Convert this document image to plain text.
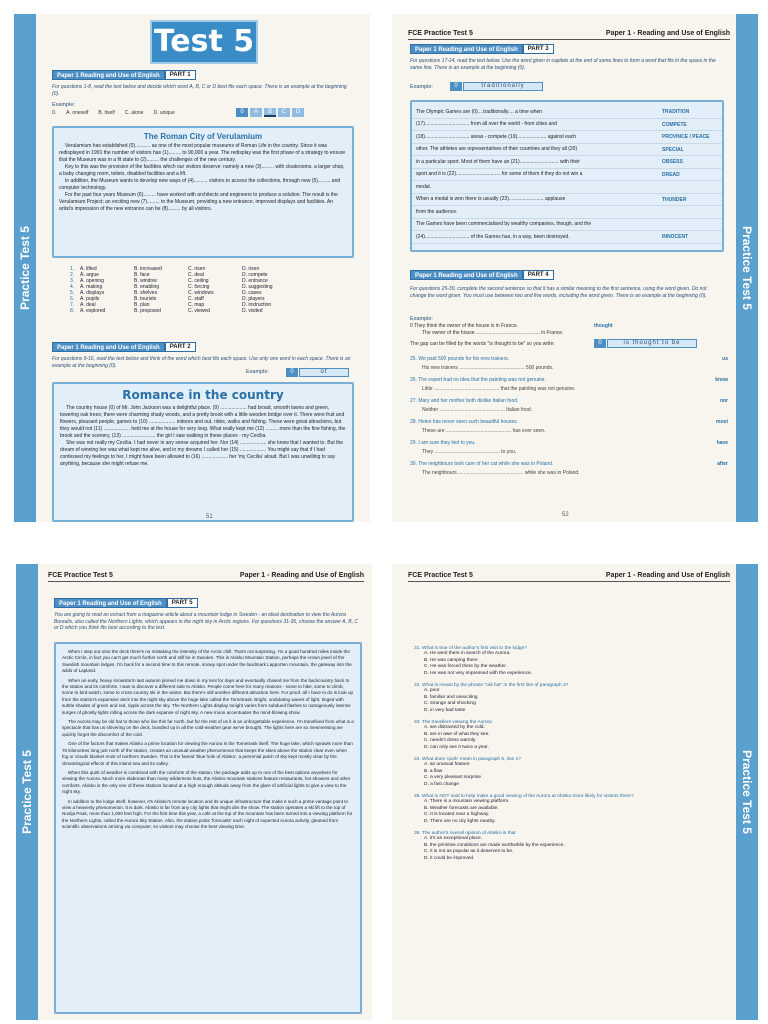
Practice Test 5
Test 5
Paper 1 Reading and Use of English	PART 1
For questions 1-8, read the text below and decide which word A, B, C or D best fits each space. There is an example at the beginning (0).
Example:
0. A. oneself B. itself C. alone D. unique	0	A	B	C	D
The Roman City of Verulamium
Verulamium has established (0)........... as one of the most popular museums of Roman Life in the country. Since it was redisplayed in 1991 the number of visitors has (1)......... to 90,000 a year. The redisplay was the first phase of a strategy to ensure that the Museum was in a fit state to (2)......... the challenges of the new century.
Key to this was the provision of the facilities which our visitors deserve; namely a new (3)......... with cloakrooms, a larger shop, a baby changing room, toilets, disabled facilities and a lift.
In addition, the Museum wants to develop new ways of (4).......... visitors to access the collections, through new (5)......... and computer technology.
For the past four years Museum (6)......... have worked with architects and engineers to produce a solution. The result is the Verulamium Project; an exciting new (7)......... to the Museum, providing a new entrance, improved displays and facilities. An artist's impression of the new entrance can be (8)......... by all visitors.
1.	A. lifted	B. increased	C. risen	D. risen
2.	A. argue	B. face	C. deal	D. compete
3.	A. opening	B. window	C. ceiling	D. entrance
4.	A. making	B. enabling	C. forcing	D. suggesting
5.	A. displays	B. shelves	C. windows	D. cases
6.	A. pupils	B. tourists	C. staff	D. players
7.	A. deal	B. plan	C. map	D. instruction
8.	A. explored	B. proposed	C. viewed	D. visited
Paper 1 Reading and Use of English	PART 2
For questions 9-16, read the text below and think of the word which best fits each space. Use only one word in each space. There is an example at the beginning (0).
Example:	0	of
Romance in the country
The country house (0) of Mr. John Jackson was a delightful place. (9) ................... had broad, smooth lawns and green, towering oak trees; there were charming shady woods, and a pretty brook with a little wooden bridge over it. There were fruit and flowers, pleasant people, games to (10) ................... indoors and out, rides, walks and fishing. These were great attractions, but they would not (11) ................... held me at the house for very long. What really kept me (12) ......... more than the fine fishing, the brook and the scenery, (13) ........................ the girl I saw walking in these places - my Cecilia.
She was not really my Cecilia. I had never in any sense acquired her. Nor (14) ................... she know that I wanted to. But the dream of winning her was what kept me alive, and in my dreams I called her (15) ................... You might say that if I had confessed my feelings to her, I might have been allowed to (16) ................... her 'my Cecilia' aloud. But I was unwilling to say anything, because she might refuse me.
51
Practice Test 5
FCE Practice Test 5	Paper 1 - Reading and Use of English
Paper 1 Reading and Use of English	PART 3
For questions 17-24, read the text below. Use the word given in capitals at the end of some lines to form a word that fits in the space in the same line. There is an example at the beginning (0).
Example:	0	traditionally
The Olympic Games are (0)....traditionally.... a time when	TRADITION
(17)................................ from all over the world - from cities and	COMPETE
(18)................................ areas - compete (19)..................... against each	PROVINCE / PEACE
other. The athletes are representatives of their countries and they all (20)	SPECIAL
in a particular sport. Most of them have an (21)............................ with their	OBSESS
sport and it is (22)................................ for some of them if they do not win a	DREAD
medal.
When a medal is won there is usually (23)......................... applause	THUNDER
from the audience.
The Games have been commercialised by wealthy companies, though, and the
(24)................................ of the Games has, in a way, been destroyed.	INNOCENT
Paper 1 Reading and Use of English	PART 4
For questions 25-30, complete the second sentence so that it has a similar meaning to the first sentence, using the word given. Do not change the word given. You must use between two and five words, including the word given. There is an example at the beginning (0).
Example:
0 They think the owner of the house is in France.	thought
The owner of the house .............................................. in France.
The gap can be filled by the words "is thought to be" so you write:	0	is thought to be
25. We paid 500 pounds for his new trainers.	us
His new trainers ............................................... 500 pounds.
26. The expert had no idea that the painting was not genuine.	know
Little ............................................... that the painting was not genuine.
27. Mary and her mother both dislike Italian food.	nor
Neither ............................................... Italian food.
28. Helen has never seen such beautiful houses.	most
These are ............................................... has ever seen.
29. I am sure they lied to you.	have
They ............................................... to you.
30. The neighbours took care of her cat while she was in Poland.	after
The neighbours ............................................... while she was in Poland.
52
Practice Test 5
FCE Practice Test 5	Paper 1 - Reading and Use of English
Paper 1 Reading and Use of English	PART 5
You are going to read an extract from a magazine article about a mountain lodge in Sweden - an ideal destination to view the Aurora Borealis, also called the Northern Lights, which appears in the night sky in Arctic regions. For questions 31-36, choose the answer A, B, C or D which you think fits best according to the text.
When I step out onto the deck there's no mistaking the intensity of the Arctic chill. That's not surprising. I'm a good hundred miles inside the Arctic Circle, in fact you can't get much further north and still be in Sweden. This is Abisko Mountain Station, perhaps the crown jewel of the Swedish mountain lodges. I'm back for a second time to this remote, snowy spot under the landmark Lapporten mountain, the gateway into the wilds of Lapland.
When an early, heavy snowstorm last autumn pinned me down in my tent for days and eventually chased me from the backcountry back to the station and its comforts, I was to discover a different side to Abisko. People come here for many reasons - some to hike, some to climb, some to bird-watch, some to cross-country ski in the winter. But there's still another different attraction here. For proof, all I have to do is look up from the station's expansive deck into the night sky above the huge lake called the Tornetrask. Bright, undulating waves of light, tinged with subtle shades of green and red, ripple across the sky. The Northern Lights display tonight varies from subdued flashes to outrageously intense surges of ghostly lights rolling across the dark expanse of night sky. A new moon accentuates the mind-blowing show.
The Aurora may be old hat to those who live this far north, but for the rest of us it is an unforgettable experience. I'm transfixed from what is a spectacle that has us shivering on the deck, bundled up in all the cold-weather gear we've brought. The lights here are so mesmerising we quickly forget the discomfort of the cold.
One of the factors that makes Abisko a prime location for viewing the Aurora is the Tornetrask itself. The huge lake, which sprawls more than 70 kilometres long just north of the station, creates an unusual weather phenomenon that keeps the skies above the station clear even when fog or clouds blanket most of northern Sweden. This is the famed 'blue hole of Abisko', a perennial patch of sky kept mostly clear by the climatological effects of this inland sea and its valley.
When this quirk of weather is combined with the comforts of the station, the package adds up to one of the best options anywhere for viewing the Aurora. Much more elaborate than many wilderness huts, the Abisko mountain stations feature restaurants, hot showers and other comforts. Abisko is the only one of these stations located at a high enough altitude away from the glare of artificial lights to give a view to the night sky.
In addition to the lodge itself, however, it's Abisko's remote location and its unique infrastructure that make it such a prime vantage point to view a heavenly phenomenon. It is dark. Abisko is far from any city lights that might dim the show. The station operates a ski lift to the top of Nuolja Peak, more than 1,000 feet high. For the first time this year, a cafe at the top of the mountain has been turned into a viewing platform for the Northern Lights, called the Aurora Sky Station. Also, the station posts 'forecasts' each night of expected Aurora activity, gleaned from scientific observations arriving via computer, so visitors may choose the best viewing time.	Practice Test 5
FCE Practice Test 5	Paper 1 - Reading and Use of English
31. What is true of the author's first visit to the lodge?
A. He went there in search of the Aurora.
B. He was camping there.
C. He was forced there by the weather.
D. He was not very impressed with the experience.
32. What is meant by the phrase "old hat" in the first line of paragraph 3?
A. poor
B. familiar and unexciting
C. strange and shocking
D. in very bad taste
33. The travellers viewing the Aurora
A. are distracted by the cold.
B. are in awe of what they see.
C. needn't dress warmly.
D. can only see it twice a year.
34. What does 'quirk' mean in paragraph 5, line 1?
A. an unusual feature
B. a flaw
C. a very pleasant surprise
D. a fast change
35. What is NOT said to help make a good viewing of the Aurora at Abisko more likely for visitors there?
A. There is a mountain viewing platform.
B. Weather forecasts are available.
C. It is located near a highway.
D. There are no city lights nearby.
36. The author's overall opinion of Abisko is that
A. it's an exceptional place.
B. the primitive conditions are made worthwhile by the experience.
C. it is not as popular as it deserves to be.
D. it could be improved.
